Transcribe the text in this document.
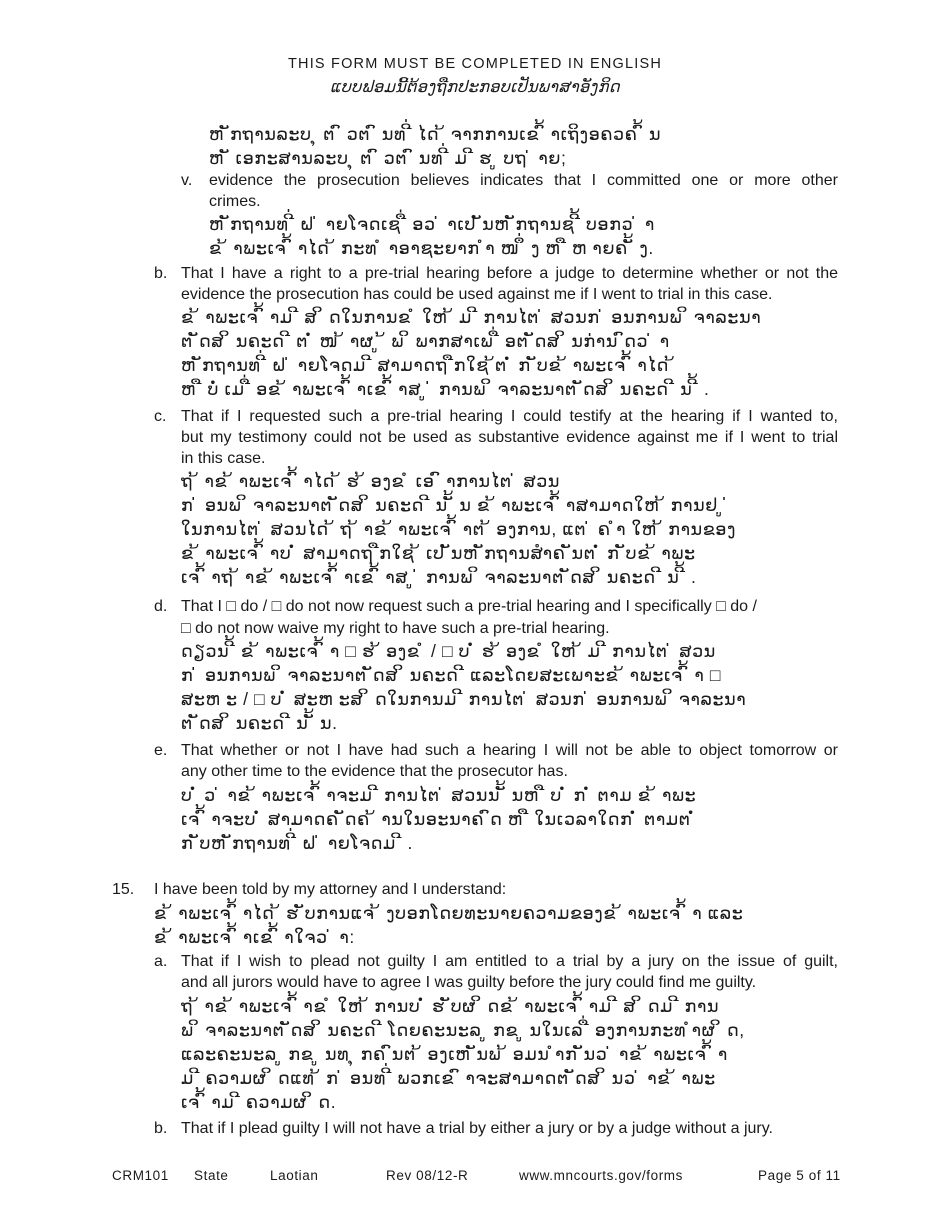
THIS FORM MUST BE COMPLETED IN ENGLISH
ແບບຟອມນີ້ຕ້ອງຖືກປະກອບເປັນພາສາອັງກິດ
ຫ ັກຖານລະບ ຸ ຕ ົ ວຕ ົ ນທ ີ່ ໄດ ້ ຈາກການເຂ ົ້ າເຖິງອຄວຄ ົ້ ນ
ຫ ັ ເອກະສານລະບ ຸ ຕ ົ ວຕ ົ ນທ ີ່ ມ ີ ຮ ູ ບຖ ່ າຍ;
v. evidence the prosecution believes indicates that I committed one or more other
crimes.
ຫ ັກຖານທ ີ່ ຝ ່ າຍໂຈດເຊ ື່ ອວ ່ າເປ ັນຫ ັກຖານຊ ີ້ ບອກວ ່ າ
ຂ ້ າພະເຈ ົ້ າໄດ ້ ກະທ ໍ າອາຊະຍາກ ຳ ໜ ຶ່ ງ ຫ ື ຫ າຍຄ ັ້ ງ.
b. That I have a right to a pre-trial hearing before a judge to determine whether or not the
evidence the prosecution has could be used against me if I went to trial in this case.
ຂ ້ າພະເຈ ົ້ າມ ີ ສ ິ ດໃນການຂ ໍ ໃຫ ້ ມ ີ ການໄຕ ່ ສວນກ ່ ອນການພ ິ ຈາລະນາ
ຕ ັດສ ິ ນຄະດ ີ ຕ ໍ່ ໜ ້ າຜ ູ ້ ພ ິ ພາກສາເພ ື່ ອຕ ັດສ ິ ນກ່ານ ົດວ ່ າ
ຫ ັກຖານທ ີ່ ຝ ່ າຍໂຈດມ ີ ສາມາດຖ ືກໃຊ ້ຕ ໍ່ ກ ັບຂ ້ າພະເຈ ົ້ າໄດ ້
ຫ ື ບໍ່ ເມ ື່ ອຂ ້ າພະເຈ ົ້ າເຂ ົ້ າສ ູ ່ ການພ ິ ຈາລະນາຕ ັດສ ິ ນຄະດ ີ ນ ີ້ .
c. That if I requested such a pre-trial hearing I could testify at the hearing if I wanted to,
but my testimony could not be used as substantive evidence against me if I went to trial
in this case.
ຖ ້ າຂ ້ າພະເຈ ົ້ າໄດ ້ ຮ ້ ອງຂ ໍ ເອ ົ າການໄຕ ່ ສວນ
ກ ່ ອນພ ິ ຈາລະນາຕ ັດສ ິ ນຄະດ ີ ນ ັ້ ນ ຂ ້ າພະເຈ ົ້ າສາມາດໃຫ ້ ການຢ ູ ່
ໃນການໄຕ ່ ສວນໄດ ້ ຖ ້ າຂ ້ າພະເຈ ົ້ າຕ ້ ອງການ, ແຕ ່ ຄ ຳ ໃຫ ້ ການຂອງ
ຂ ້ າພະເຈ ົ້ າບ ໍ່ ສາມາດຖ ືກໃຊ ້ ເປ ັນຫ ັກຖານສຳຄ ັນຕ ໍ່ ກ ັບຂ ້ າພະ
ເຈ ົ້ າຖ ້ າຂ ້ າພະເຈ ົ້ າເຂ ົ້ າສ ູ ່ ການພ ິ ຈາລະນາຕ ັດສ ິ ນຄະດ ີ ນ ີ້ .
d. That I □ do / □ do not now request such a pre-trial hearing and I specifically □ do /
□ do not now waive my right to have such a pre-trial hearing.
ດຽວນ ີ້ ຂ ້ າພະເຈ ົ້ າ □ ຮ ້ ອງຂ ໍ / □ ບ ໍ່ ຮ ້ ອງຂ ໍ ໃຫ ້ ມ ີ ການໄຕ ່ ສວນ
ກ ່ ອນການພ ິ ຈາລະນາຕ ັດສ ິ ນຄະດ ີ ແລະໂດຍສະເພາະຂ ້ າພະເຈ ົ້ າ □
ສະຫ ະ / □ ບ ໍ່ ສະຫ ະສ ິ ດໃນການມ ີ ການໄຕ ່ ສວນກ ່ ອນການພ ິ ຈາລະນາ
ຕ ັດສ ິ ນຄະດ ີ ນ ັ້ ນ.
e. That whether or not I have had such a hearing I will not be able to object tomorrow or
any other time to the evidence that the prosecutor has.
ບ ໍ່ ວ ່ າຂ ້ າພະເຈ ົ້ າຈະມ ີ ການໄຕ ່ ສວນນ ັ້ ນຫ ື ບ ໍ່ ກ ໍ່ ຕາມ ຂ ້ າພະ
ເຈ ົ້ າຈະບ ໍ່ ສາມາດຄ ັດຄ ້ ານໃນອະນາຄ ົດ ຫ ື ໃນເວລາໃດກ ໍ່ ຕາມຕ ໍ່
ກ ັບຫ ັກຖານທ ີ່ ຝ ່ າຍໂຈດມ ີ .
15. I have been told by my attorney and I understand:
ຂ ້ າພະເຈ ົ້ າໄດ ້ ຮ ັບການແຈ ້ ງບອກໂດຍທະນາຍຄວາມຂອງຂ ້ າພະເຈ ົ້ າ ແລະ
ຂ ້ າພະເຈ ົ້ າເຂ ົ້ າໃຈວ ່ າ:
a. That if I wish to plead not guilty I am entitled to a trial by a jury on the issue of guilt,
and all jurors would have to agree I was guilty before the jury could find me guilty.
ຖ ້ າຂ ້ າພະເຈ ົ້ າຂ ໍ ໃຫ ້ ການບ ໍ່ ຮ ັບຜ ິ ດຂ ້ າພະເຈ ົ້ າມ ີ ສ ິ ດມ ີ ການ
ພ ິ ຈາລະນາຕ ັດສ ິ ນຄະດ ີ ໂດຍຄະນະລ ູ ກຂ ູ ນໃນເລ ື່ ອງການກະທ ຳຜ ິ ດ,
ແລະຄະນະລ ູ ກຂ ູ ນທ ຸ ກຄ ົນຕ ້ ອງເຫ ັນພ ້ ອມນ ຳກ ັນວ ່ າຂ ້ າພະເຈ ົ້ າ
ມ ີ ຄວາມຜ ິ ດແທ ້ ກ ່ ອນທ ີ່ ພວກເຂ ົ າຈະສາມາດຕ ັດສ ິ ນວ ່ າຂ ້ າພະ
ເຈ ົ້ າມ ີ ຄວາມຜ ິ ດ.
b. That if I plead guilty I will not have a trial by either a jury or by a judge without a jury.
CRM101 State	Laotian	Rev 08/12-R	www.mncourts.gov/forms	Page 5 of 11
